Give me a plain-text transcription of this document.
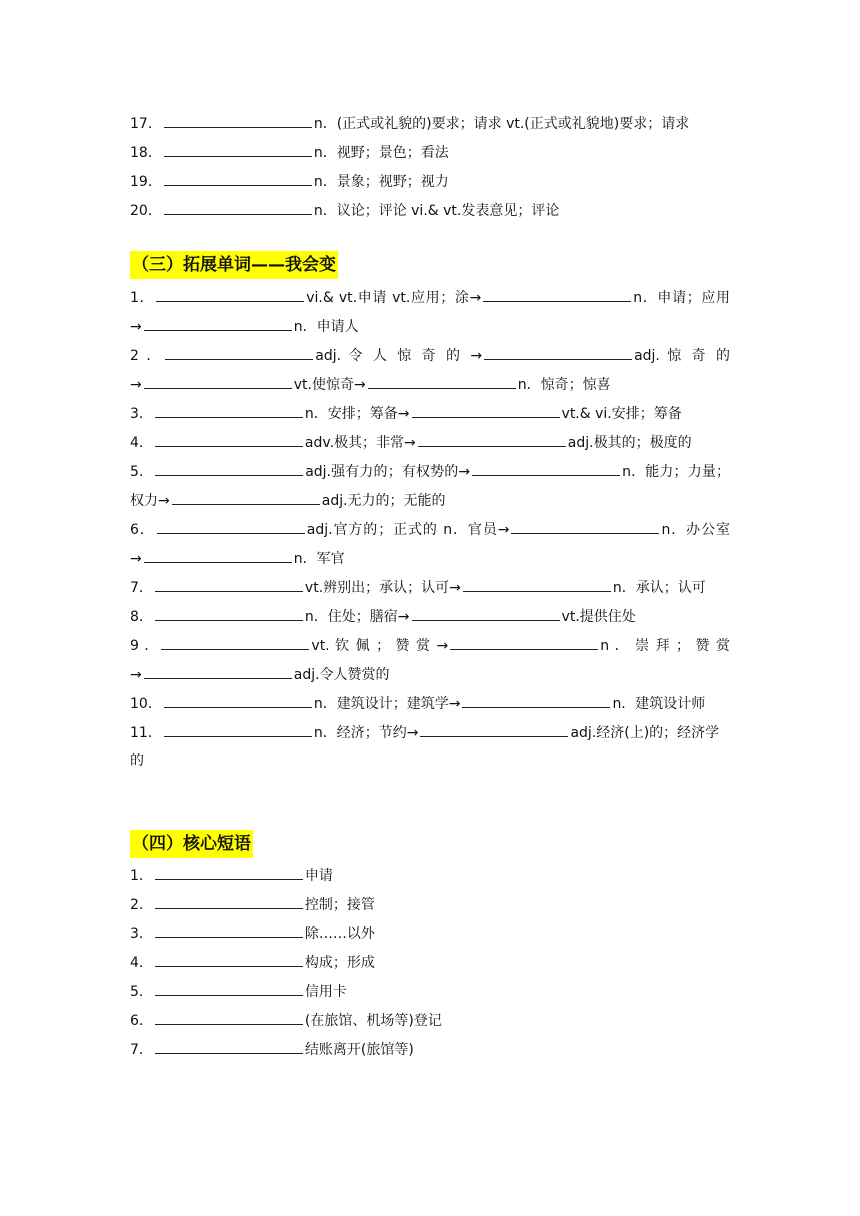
17．	n．(正式或礼貌的)要求；请求 vt.(正式或礼貌地)要求；请求
18．	n．视野；景色；看法
19．	n．景象；视野；视力
20．	n．议论；评论 vi.& vt.发表意见；评论
（三）拓展单词——我会变
1．	vi.& vt.申请 vt.应用；涂→	n．申请；应用
→	n．申请人
2 ．	adj. 令 人 惊 奇 的 →	adj. 惊 奇 的
→	vt.使惊奇→	n．惊奇；惊喜
3．	n．安排；筹备→	vt.& vi.安排；筹备
4．	adv.极其；非常→	adj.极其的；极度的
5．	adj.强有力的；有权势的→	n．能力；力量；
权力→	adj.无力的；无能的
6．	adj.官方的；正式的 n．官员→	n．办公室
→	n．军官
7．	vt.辨别出；承认；认可→	n．承认；认可
8．	n．住处；膳宿→	vt.提供住处
9 ．	vt. 钦 佩 ； 赞 赏 →	n ． 崇 拜 ； 赞 赏
→	adj.令人赞赏的
10．	n．建筑设计；建筑学→	n．建筑设计师
11．	n．经济；节约→	adj.经济(上)的；经济学
的
（四）核心短语
1．	申请
2．	控制；接管
3．	除……以外
4．	构成；形成
5．	信用卡
6．	(在旅馆、机场等)登记
7．	结账离开(旅馆等)
